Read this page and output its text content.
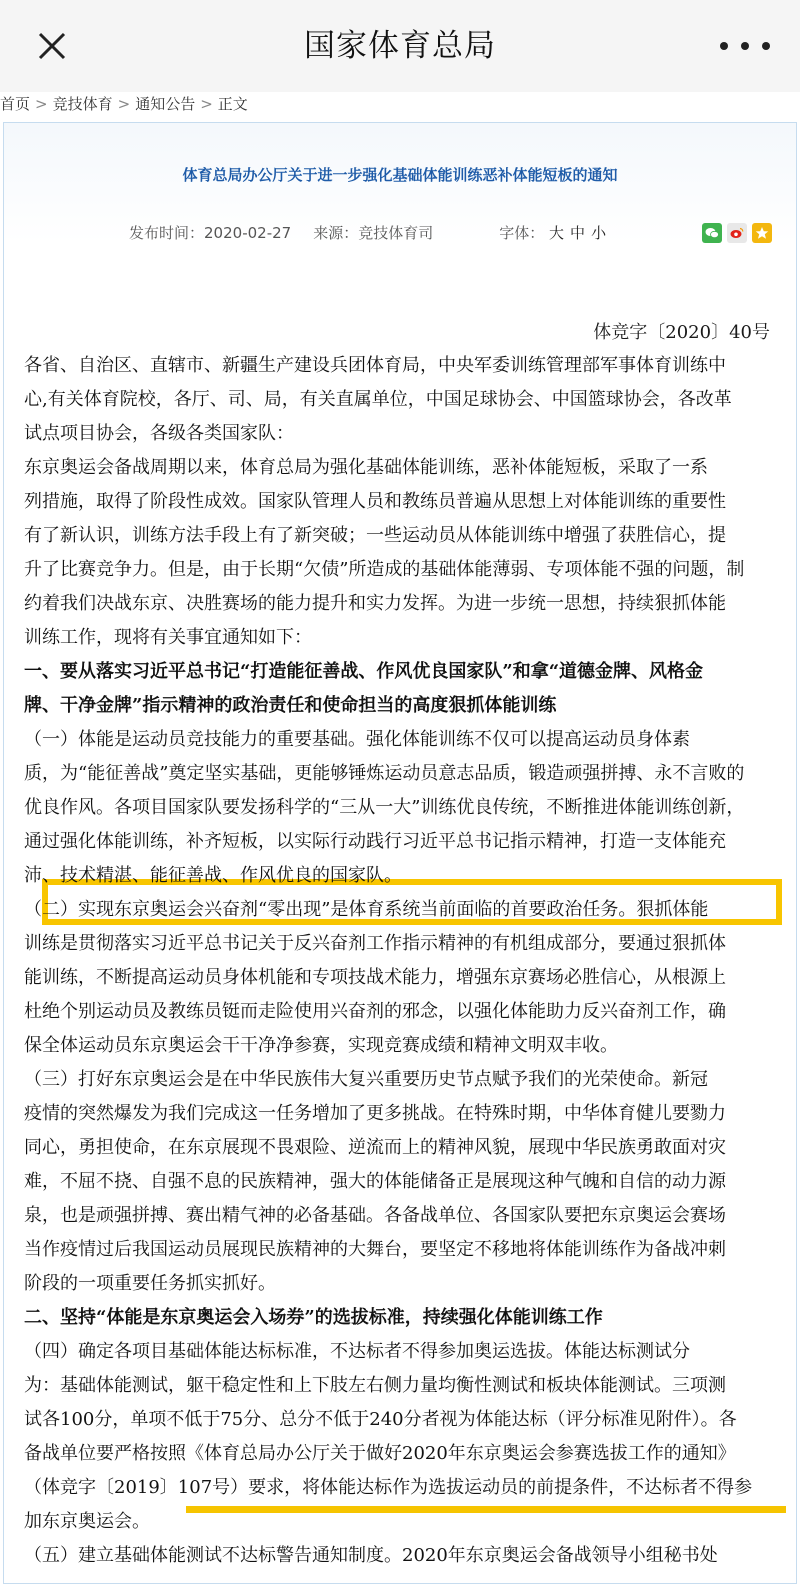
国家体育总局
首页 > 竞技体育 > 通知公告 > 正文
体育总局办公厅关于进一步强化基础体能训练恶补体能短板的通知
发布时间：2020-02-27 来源：竞技体育司	字体： 大 中 小
体竞字〔2020〕40号
各省、自治区、直辖市、新疆生产建设兵团体育局，中央军委训练管理部军事体育训练中
心,有关体育院校，各厅、司、局，有关直属单位，中国足球协会、中国篮球协会，各改革
试点项目协会，各级各类国家队：
东京奥运会备战周期以来，体育总局为强化基础体能训练，恶补体能短板，采取了一系
列措施，取得了阶段性成效。国家队管理人员和教练员普遍从思想上对体能训练的重要性
有了新认识，训练方法手段上有了新突破；一些运动员从体能训练中增强了获胜信心，提
升了比赛竞争力。但是，由于长期“欠债”所造成的基础体能薄弱、专项体能不强的问题，制
约着我们决战东京、决胜赛场的能力提升和实力发挥。为进一步统一思想，持续狠抓体能
训练工作，现将有关事宜通知如下：
一、要从落实习近平总书记“打造能征善战、作风优良国家队”和拿“道德金牌、风格金
牌、干净金牌”指示精神的政治责任和使命担当的高度狠抓体能训练
（一）体能是运动员竞技能力的重要基础。强化体能训练不仅可以提高运动员身体素
质，为“能征善战”奠定坚实基础，更能够锤炼运动员意志品质，锻造顽强拼搏、永不言败的
优良作风。各项目国家队要发扬科学的“三从一大”训练优良传统，不断推进体能训练创新，
通过强化体能训练，补齐短板，以实际行动践行习近平总书记指示精神，打造一支体能充
沛、技术精湛、能征善战、作风优良的国家队。
（二）实现东京奥运会兴奋剂“零出现”是体育系统当前面临的首要政治任务。狠抓体能
训练是贯彻落实习近平总书记关于反兴奋剂工作指示精神的有机组成部分，要通过狠抓体
能训练，不断提高运动员身体机能和专项技战术能力，增强东京赛场必胜信心，从根源上
杜绝个别运动员及教练员铤而走险使用兴奋剂的邪念，以强化体能助力反兴奋剂工作，确
保全体运动员东京奥运会干干净净参赛，实现竞赛成绩和精神文明双丰收。
（三）打好东京奥运会是在中华民族伟大复兴重要历史节点赋予我们的光荣使命。新冠
疫情的突然爆发为我们完成这一任务增加了更多挑战。在特殊时期，中华体育健儿要勠力
同心，勇担使命，在东京展现不畏艰险、逆流而上的精神风貌，展现中华民族勇敢面对灾
难，不屈不挠、自强不息的民族精神，强大的体能储备正是展现这种气魄和自信的动力源
泉，也是顽强拼搏、赛出精气神的必备基础。各备战单位、各国家队要把东京奥运会赛场
当作疫情过后我国运动员展现民族精神的大舞台，要坚定不移地将体能训练作为备战冲刺
阶段的一项重要任务抓实抓好。
二、坚持“体能是东京奥运会入场券”的选拔标准，持续强化体能训练工作
（四）确定各项目基础体能达标标准，不达标者不得参加奥运选拔。体能达标测试分
为：基础体能测试，躯干稳定性和上下肢左右侧力量均衡性测试和板块体能测试。三项测
试各100分，单项不低于75分、总分不低于240分者视为体能达标（评分标准见附件）。各
备战单位要严格按照《体育总局办公厅关于做好2020年东京奥运会参赛选拔工作的通知》
（体竞字〔2019〕107号）要求，将体能达标作为选拔运动员的前提条件，不达标者不得参
加东京奥运会。
（五）建立基础体能测试不达标警告通知制度。2020年东京奥运会备战领导小组秘书处
